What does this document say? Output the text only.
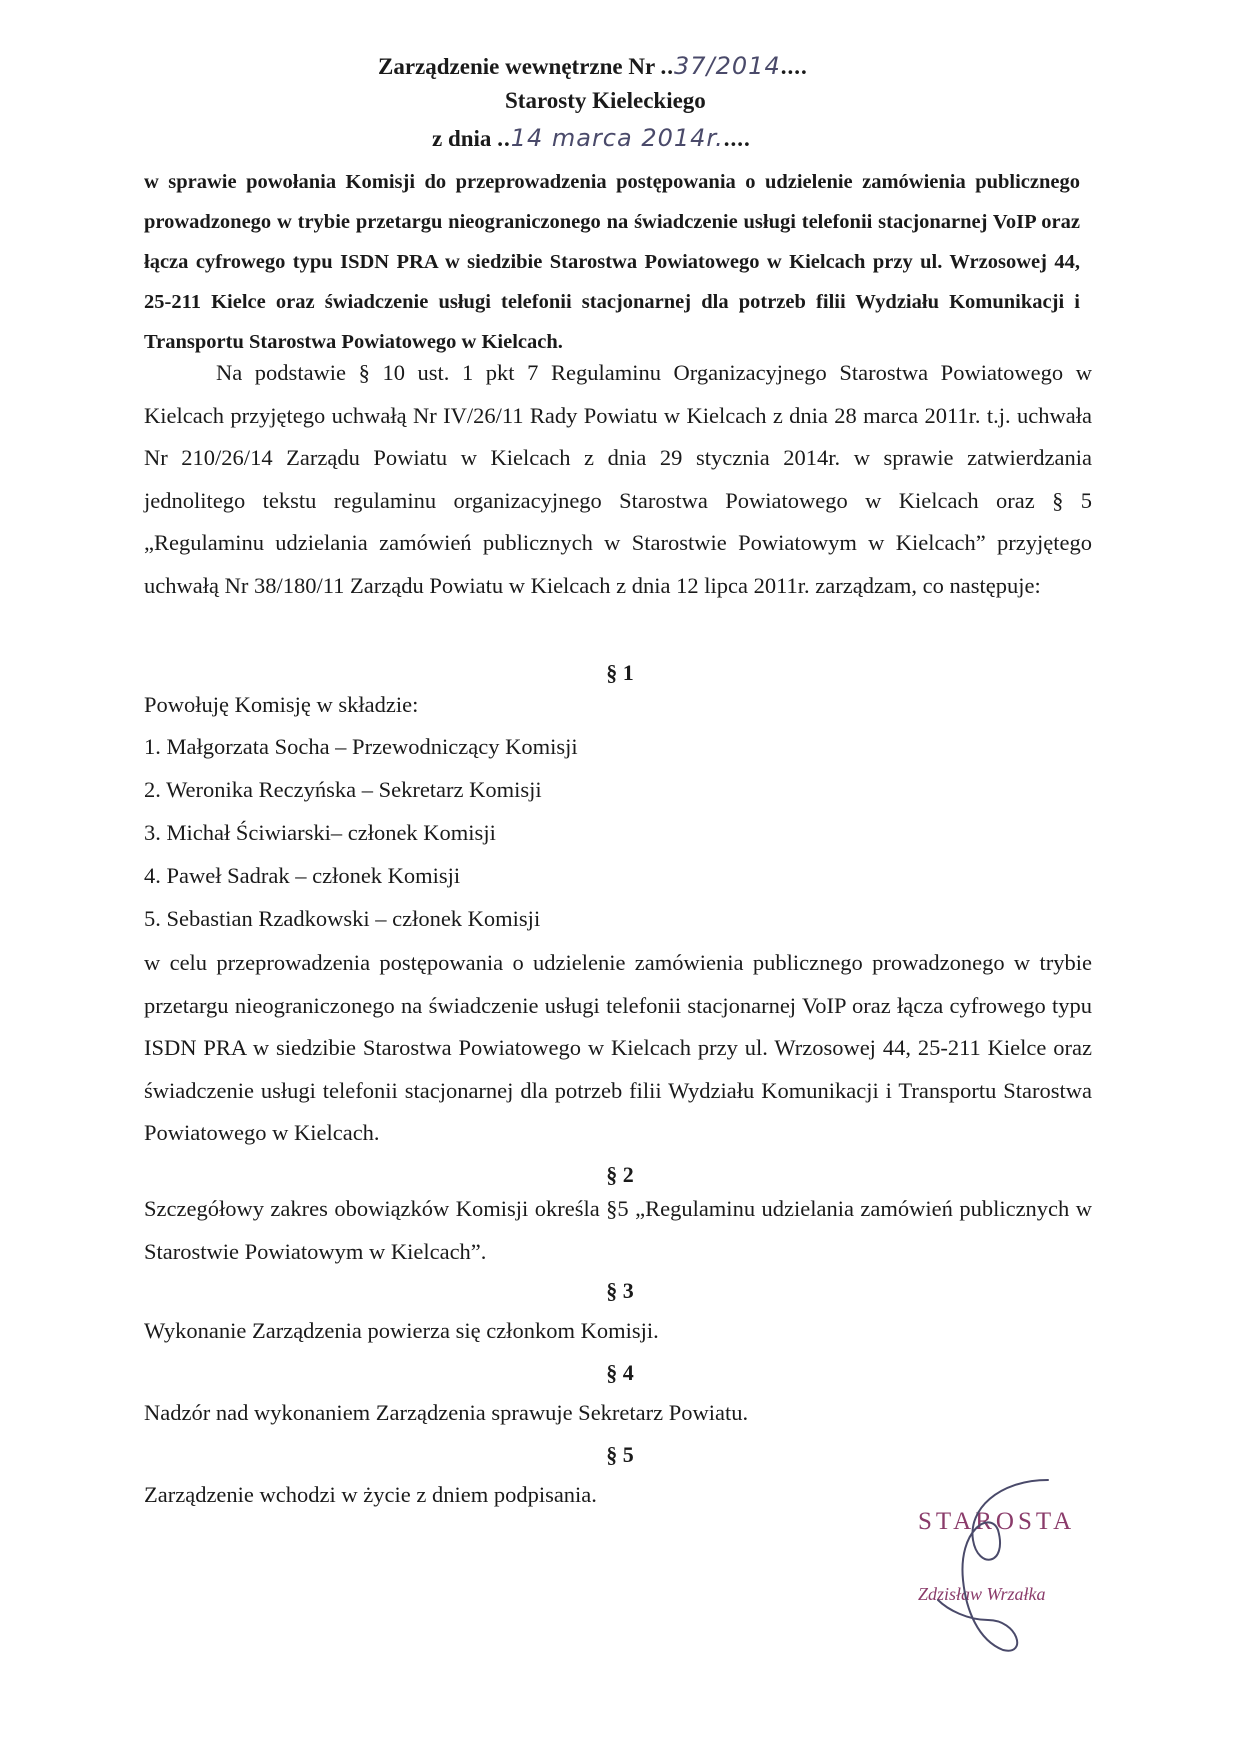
Zarządzenie wewnętrzne Nr ..37/2014....
Starosty Kieleckiego
z dnia ..14 marca 2014r.....
w sprawie powołania Komisji do przeprowadzenia postępowania o udzielenie zamówienia publicznego prowadzonego w trybie przetargu nieograniczonego na świadczenie usługi telefonii stacjonarnej VoIP oraz łącza cyfrowego typu ISDN PRA w siedzibie Starostwa Powiatowego w Kielcach przy ul. Wrzosowej 44, 25-211 Kielce oraz świadczenie usługi telefonii stacjonarnej dla potrzeb filii Wydziału Komunikacji i Transportu Starostwa Powiatowego w Kielcach.
Na podstawie § 10 ust. 1 pkt 7 Regulaminu Organizacyjnego Starostwa Powiatowego w Kielcach przyjętego uchwałą Nr IV/26/11 Rady Powiatu w Kielcach z dnia 28 marca 2011r. t.j. uchwała Nr 210/26/14 Zarządu Powiatu w Kielcach z dnia 29 stycznia 2014r. w sprawie zatwierdzania jednolitego tekstu regulaminu organizacyjnego Starostwa Powiatowego w Kielcach oraz § 5 „Regulaminu udzielania zamówień publicznych w Starostwie Powiatowym w Kielcach” przyjętego uchwałą Nr 38/180/11 Zarządu Powiatu w Kielcach z dnia 12 lipca 2011r. zarządzam, co następuje:
§ 1
Powołuję Komisję w składzie:
1. Małgorzata Socha – Przewodniczący Komisji
2. Weronika Reczyńska – Sekretarz Komisji
3. Michał Ściwiarski– członek Komisji
4. Paweł Sadrak – członek Komisji
5. Sebastian Rzadkowski – członek Komisji
w celu przeprowadzenia postępowania o udzielenie zamówienia publicznego prowadzonego w trybie przetargu nieograniczonego na świadczenie usługi telefonii stacjonarnej VoIP oraz łącza cyfrowego typu ISDN PRA w siedzibie Starostwa Powiatowego w Kielcach przy ul. Wrzosowej 44, 25-211 Kielce oraz świadczenie usługi telefonii stacjonarnej dla potrzeb filii Wydziału Komunikacji i Transportu Starostwa Powiatowego w Kielcach.
§ 2
Szczegółowy zakres obowiązków Komisji określa §5 „Regulaminu udzielania zamówień publicznych w Starostwie Powiatowym w Kielcach”.
§ 3
Wykonanie Zarządzenia powierza się członkom Komisji.
§ 4
Nadzór nad wykonaniem Zarządzenia sprawuje Sekretarz Powiatu.
§ 5
Zarządzenie wchodzi w życie z dniem podpisania.
STAROSTA
Zdzisław Wrzałka
